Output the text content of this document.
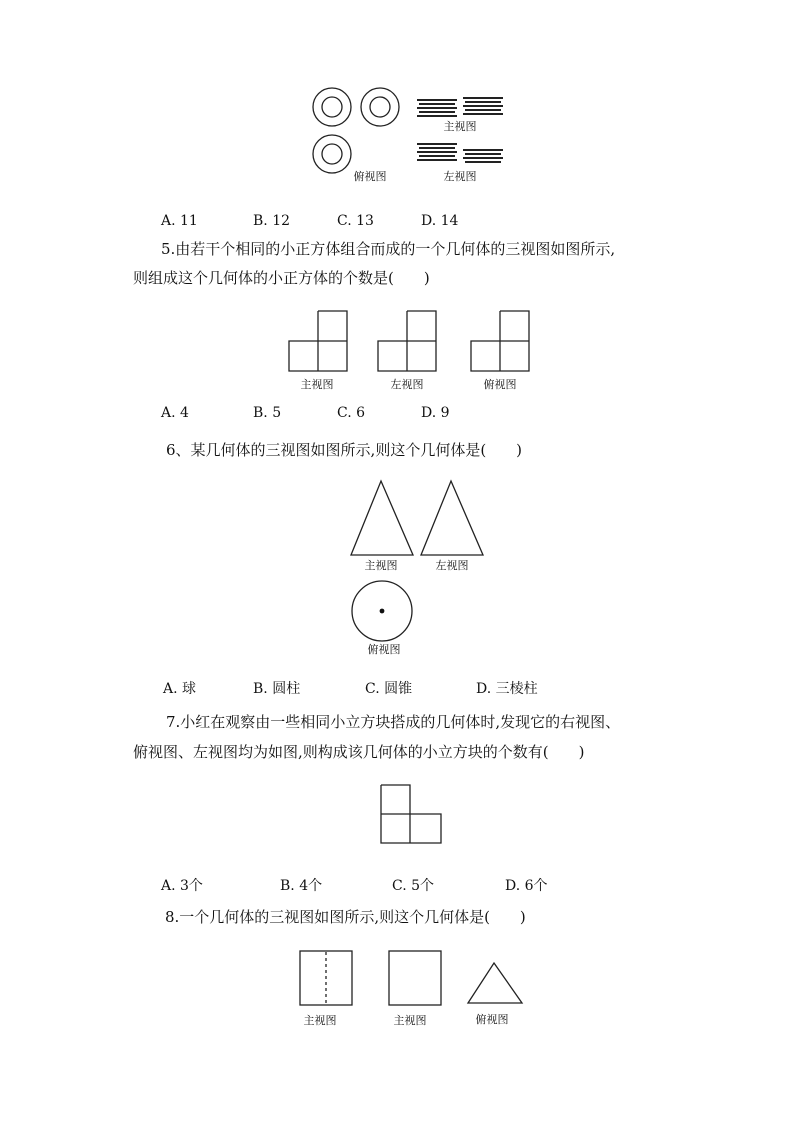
主视图
俯视图	左视图
A. 11	B. 12	C. 13	D. 14
5.由若干个相同的小正方体组合而成的一个几何体的三视图如图所示,
则组成这个几何体的小正方体的个数是(　　)
主视图	左视图	俯视图
A. 4	B. 5	C. 6	D. 9
6、某几何体的三视图如图所示,则这个几何体是(　　)
主视图	左视图
俯视图
A. 球	B. 圆柱	C. 圆锥	D. 三棱柱
7.小红在观察由一些相同小立方块搭成的几何体时,发现它的右视图、
俯视图、左视图均为如图,则构成该几何体的小立方块的个数有(　　)
A. 3个	B. 4个	C. 5个	D. 6个
8.一个几何体的三视图如图所示,则这个几何体是(　　)
主视图	主视图	俯视图
